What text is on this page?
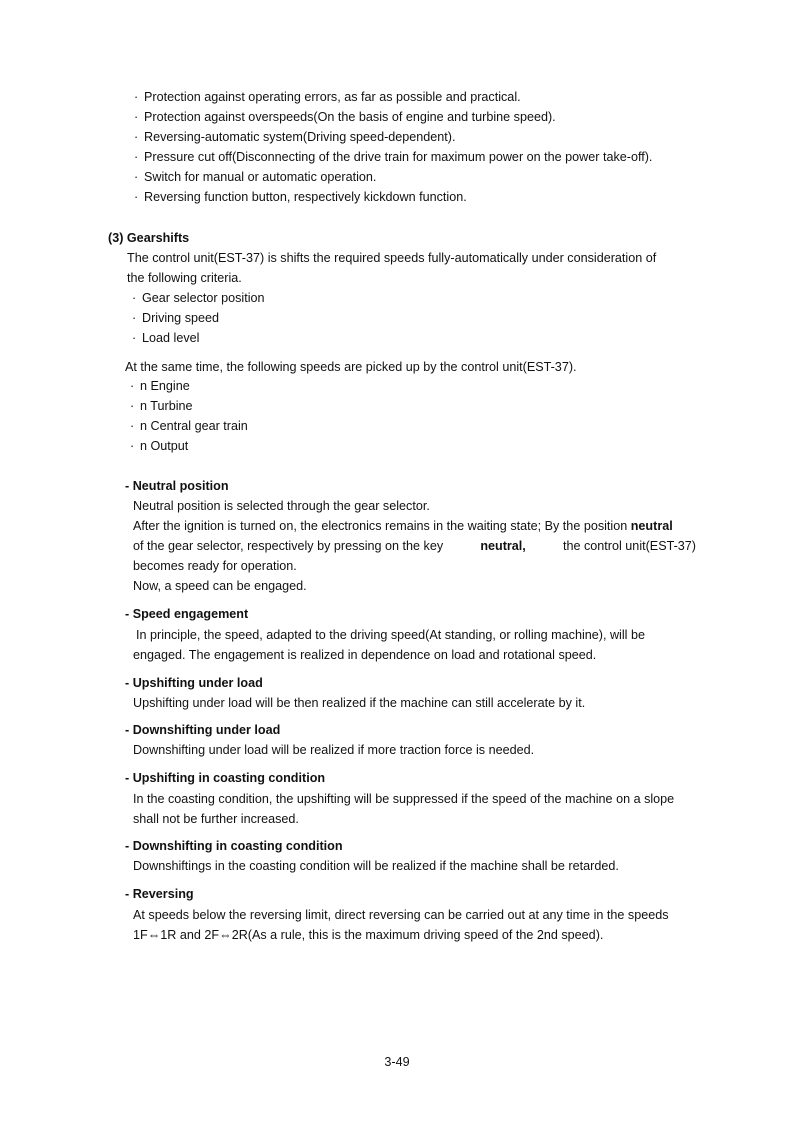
· Protection against operating errors, as far as possible and practical.
· Protection against overspeeds(On the basis of engine and turbine speed).
· Reversing-automatic system(Driving speed-dependent).
· Pressure cut off(Disconnecting of the drive train for maximum power on the power take-off).
· Switch for manual or automatic operation.
· Reversing function button, respectively kickdown function.
(3) Gearshifts
The control unit(EST-37) is shifts the required speeds fully-automatically under consideration of
the following criteria.
· Gear selector position
· Driving speed
· Load level
At the same time, the following speeds are picked up by the control unit(EST-37).
· n Engine
· n Turbine
· n Central gear train
· n Output
- Neutral position
Neutral position is selected through the gear selector.
After the ignition is turned on, the electronics remains in the waiting state; By the position neutral
of the gear selector, respectively by pressing on the key	neutral,	the control unit(EST-37)
becomes ready for operation.
Now, a speed can be engaged.
- Speed engagement
In principle, the speed, adapted to the driving speed(At standing, or rolling machine), will be
engaged. The engagement is realized in dependence on load and rotational speed.
- Upshifting under load
Upshifting under load will be then realized if the machine can still accelerate by it.
- Downshifting under load
Downshifting under load will be realized if more traction force is needed.
- Upshifting in coasting condition
In the coasting condition, the upshifting will be suppressed if the speed of the machine on a slope
shall not be further increased.
- Downshifting in coasting condition
Downshiftings in the coasting condition will be realized if the machine shall be retarded.
- Reversing
At speeds below the reversing limit, direct reversing can be carried out at any time in the speeds
1F⇔1R and 2F⇔2R(As a rule, this is the maximum driving speed of the 2nd speed).
3-49
